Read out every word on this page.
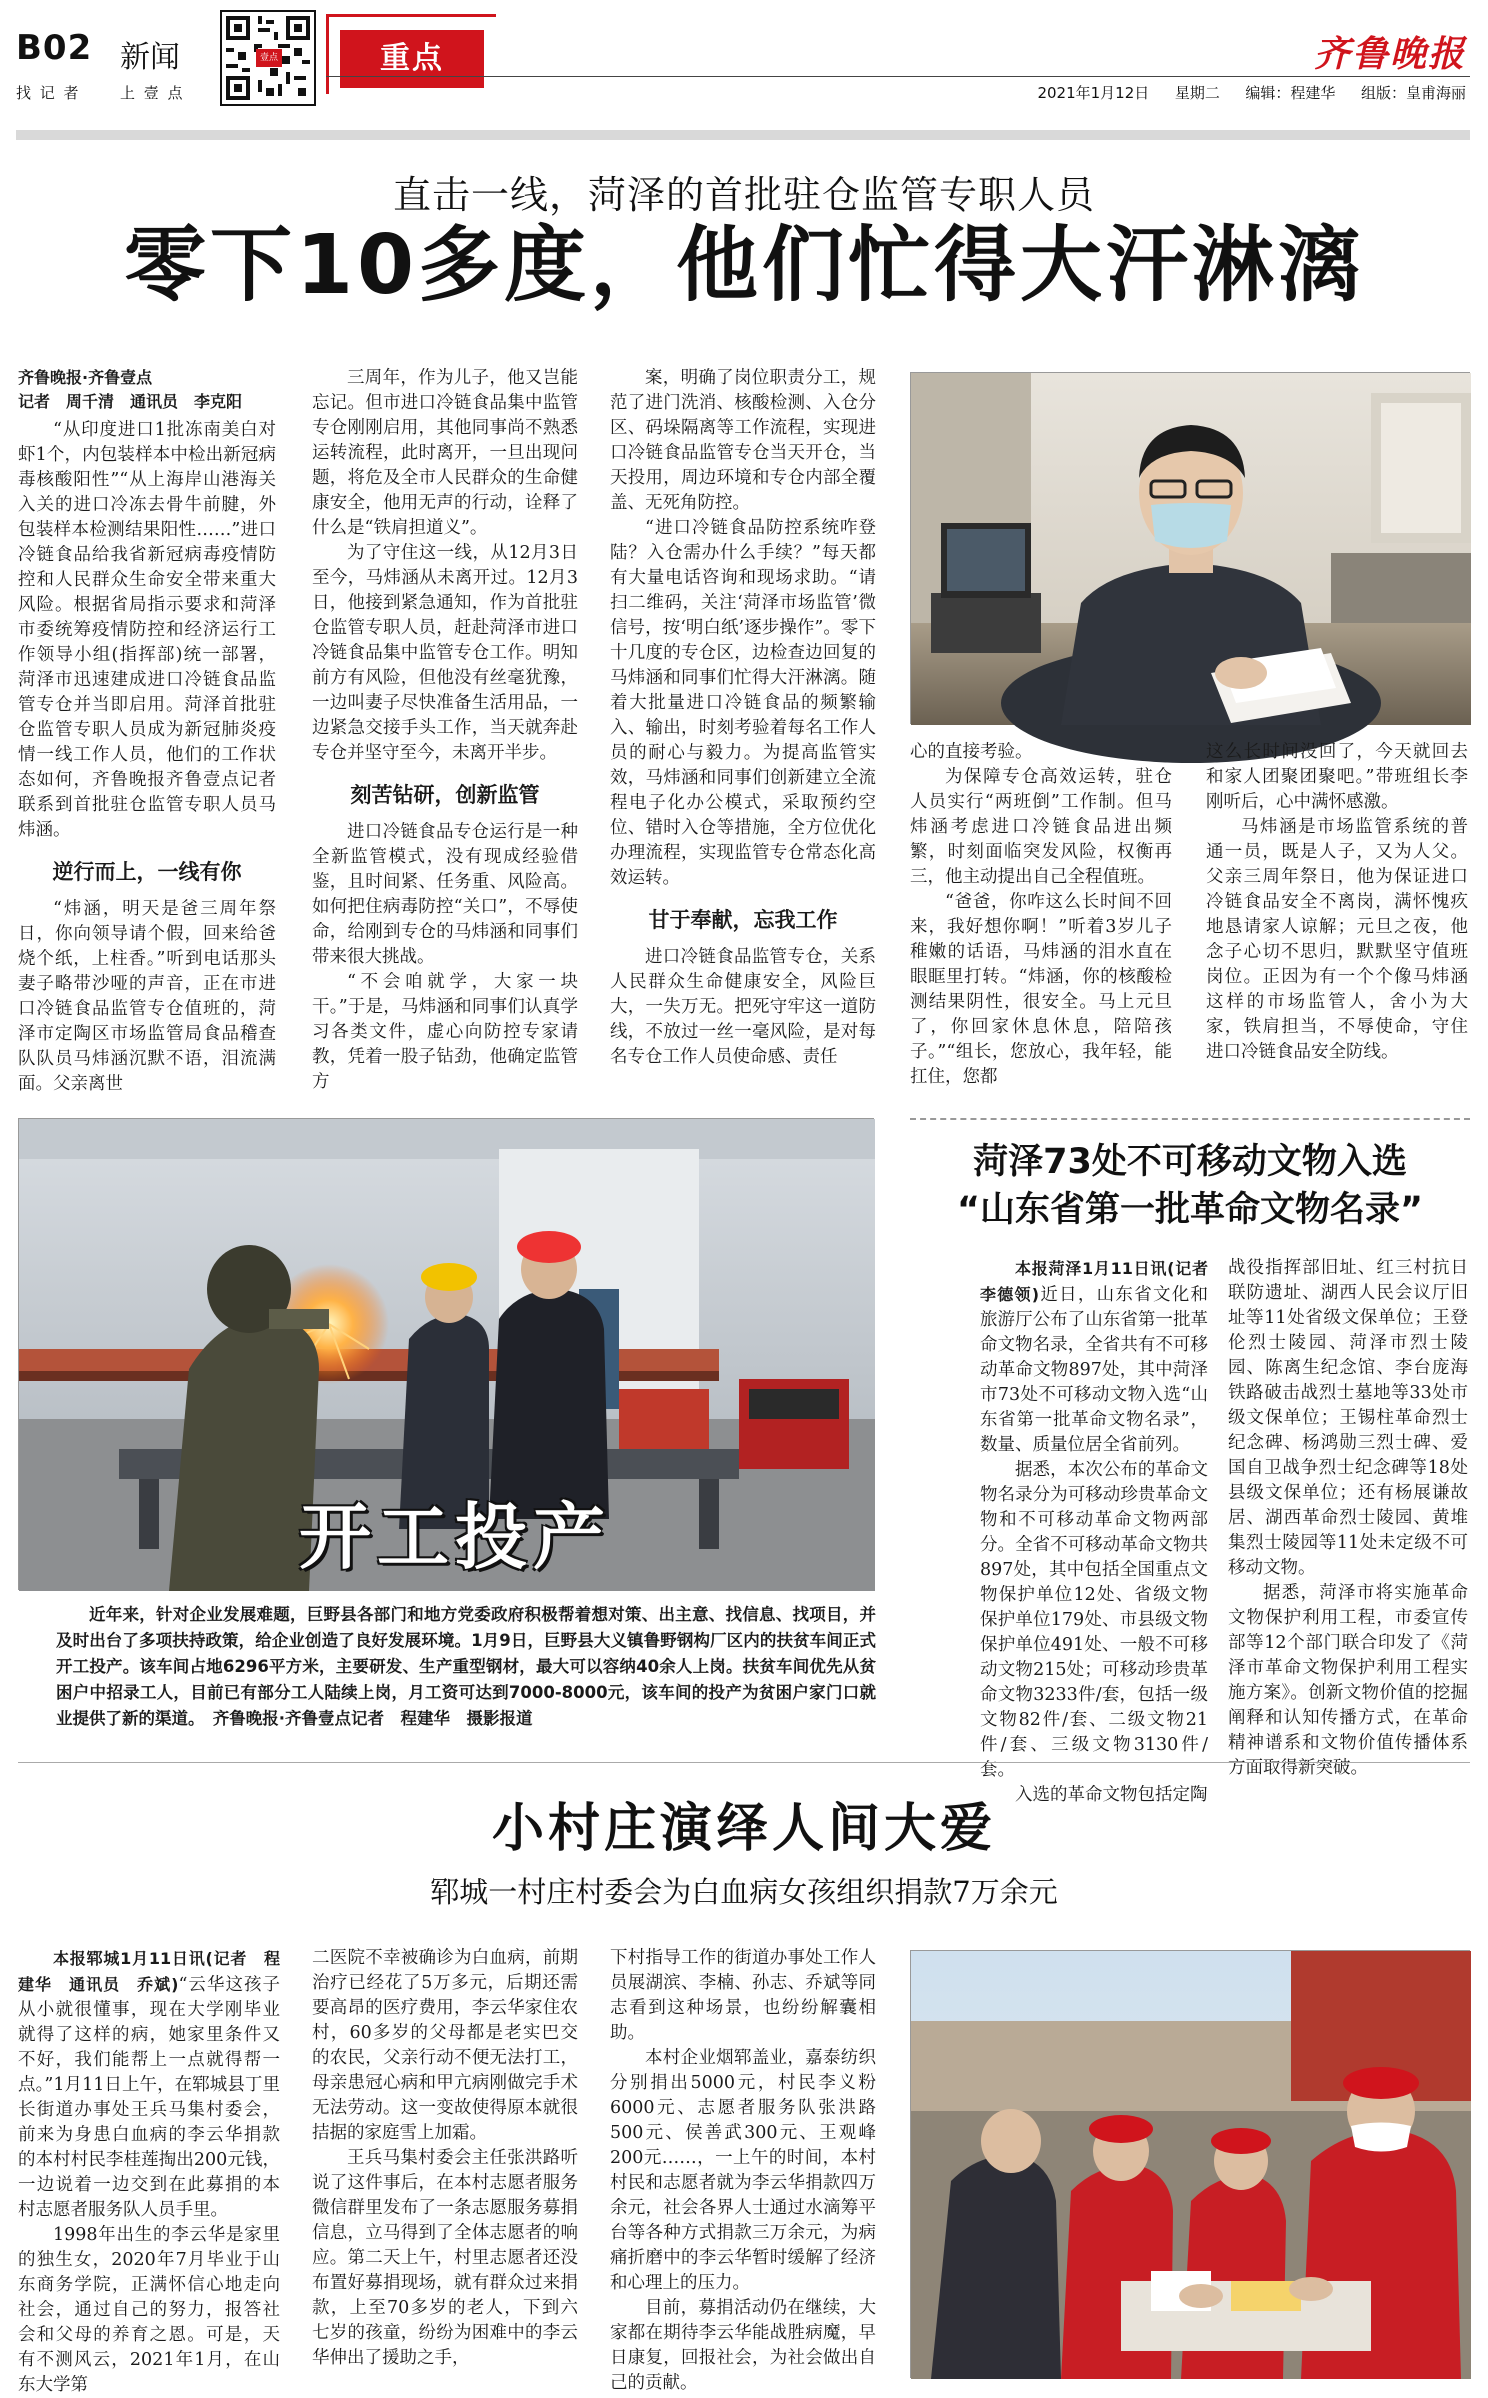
B02 新闻
找 记 者	上 壹 点
壹点	重点	齐鲁晚报
2021年1月12日 星期二 编辑：程建华 组版：皇甫海丽
直击一线，菏泽的首批驻仓监管专职人员
零下10多度，他们忙得大汗淋漓

齐鲁晚报·齐鲁壹点

记者　周千清　通讯员　李克阳

“从印度进口1批冻南美白对虾1个，内包装样本中检出新冠病毒核酸阳性”“从上海岸山港海关入关的进口冷冻去骨牛前腱，外包装样本检测结果阳性……”进口冷链食品给我省新冠病毒疫情防控和人民群众生命安全带来重大风险。根据省局指示要求和菏泽市委统筹疫情防控和经济运行工作领导小组(指挥部)统一部署，菏泽市迅速建成进口冷链食品监管专仓并当即启用。菏泽首批驻仓监管专职人员成为新冠肺炎疫情一线工作人员，他们的工作状态如何，齐鲁晚报齐鲁壹点记者联系到首批驻仓监管专职人员马炜涵。

逆行而上，一线有你

“炜涵，明天是爸三周年祭日，你向领导请个假，回来给爸烧个纸，上柱香。”听到电话那头妻子略带沙哑的声音，正在市进口冷链食品监管专仓值班的，菏泽市定陶区市场监管局食品稽查队队员马炜涵沉默不语，泪流满面。父亲离世

三周年，作为儿子，他又岂能忘记。但市进口冷链食品集中监管专仓刚刚启用，其他同事尚不熟悉运转流程，此时离开，一旦出现问题，将危及全市人民群众的生命健康安全，他用无声的行动，诠释了什么是“铁肩担道义”。

为了守住这一线，从12月3日至今，马炜涵从未离开过。12月3日，他接到紧急通知，作为首批驻仓监管专职人员，赶赴菏泽市进口冷链食品集中监管专仓工作。明知前方有风险，但他没有丝毫犹豫，一边叫妻子尽快准备生活用品，一边紧急交接手头工作，当天就奔赴专仓并坚守至今，未离开半步。

刻苦钻研，创新监管

进口冷链食品专仓运行是一种全新监管模式，没有现成经验借鉴，且时间紧、任务重、风险高。如何把住病毒防控“关口”，不辱使命，给刚到专仓的马炜涵和同事们带来很大挑战。

“不会咱就学，大家一块干。”于是，马炜涵和同事们认真学习各类文件，虚心向防控专家请教，凭着一股子钻劲，他确定监管方

案，明确了岗位职责分工，规范了进门洗消、核酸检测、入仓分区、码垛隔离等工作流程，实现进口冷链食品监管专仓当天开仓，当天投用，周边环境和专仓内部全覆盖、无死角防控。

“进口冷链食品防控系统咋登陆？入仓需办什么手续？”每天都有大量电话咨询和现场求助。“请扫二维码，关注‘菏泽市场监管’微信号，按‘明白纸’逐步操作”。零下十几度的专仓区，边检查边回复的马炜涵和同事们忙得大汗淋漓。随着大批量进口冷链食品的频繁输入、输出，时刻考验着每名工作人员的耐心与毅力。为提高监管实效，马炜涵和同事们创新建立全流程电子化办公模式，采取预约空位、错时入仓等措施，全方位优化办理流程，实现监管专仓常态化高效运转。

甘于奉献，忘我工作

进口冷链食品监管专仓，关系人民群众生命健康安全，风险巨大，一失万无。把死守牢这一道防线，不放过一丝一毫风险，是对每名专仓工作人员使命感、责任

心的直接考验。

为保障专仓高效运转，驻仓人员实行“两班倒”工作制。但马炜涵考虑进口冷链食品进出频繁，时刻面临突发风险，权衡再三，他主动提出自己全程值班。

“爸爸，你咋这么长时间不回来，我好想你啊！”听着3岁儿子稚嫩的话语，马炜涵的泪水直在眼眶里打转。“炜涵，你的核酸检测结果阴性，很安全。马上元旦了，你回家休息休息，陪陪孩子。”“组长，您放心，我年轻，能扛住，您都

这么长时间没回了，今天就回去和家人团聚团聚吧。”带班组长李刚听后，心中满怀感激。

马炜涵是市场监管系统的普通一员，既是人子，又为人父。父亲三周年祭日，他为保证进口冷链食品安全不离岗，满怀愧疚地恳请家人谅解；元旦之夜，他念子心切不思归，默默坚守值班岗位。正因为有一个个像马炜涵这样的市场监管人，舍小为大家，铁肩担当，不辱使命，守住进口冷链食品安全防线。

开工投产
近年来，针对企业发展难题，巨野县各部门和地方党委政府积极帮着想对策、出主意、找信息、找项目，并及时出台了多项扶持政策，给企业创造了良好发展环境。1月9日，巨野县大义镇鲁野钢构厂区内的扶贫车间正式开工投产。该车间占地6296平方米，主要研发、生产重型钢材，最大可以容纳40余人上岗。扶贫车间优先从贫困户中招录工人，目前已有部分工人陆续上岗，月工资可达到7000-8000元，该车间的投产为贫困户家门口就业提供了新的渠道。　齐鲁晚报·齐鲁壹点记者　程建华　摄影报道
菏泽73处不可移动文物入选
“山东省第一批革命文物名录”

本报菏泽1月11日讯(记者　李德领)近日，山东省文化和旅游厅公布了山东省第一批革命文物名录，全省共有不可移动革命文物897处，其中菏泽市73处不可移动文物入选“山东省第一批革命文物名录”，数量、质量位居全省前列。

据悉，本次公布的革命文物名录分为可移动珍贵革命文物和不可移动革命文物两部分。全省不可移动革命文物共897处，其中包括全国重点文物保护单位12处、省级文物保护单位179处、市县级文物保护单位491处、一般不可移动文物215处；可移动珍贵革命文物3233件/套，包括一级文物82件/套、二级文物21件/套、三级文物3130件/套。

入选的革命文物包括定陶

战役指挥部旧址、红三村抗日联防遗址、湖西人民会议厅旧址等11处省级文保单位；王登伦烈士陵园、菏泽市烈士陵园、陈离生纪念馆、李台庞海铁路破击战烈士墓地等33处市级文保单位；王锡柱革命烈士纪念碑、杨鸿勋三烈士碑、爱国自卫战争烈士纪念碑等18处县级文保单位；还有杨展谦故居、湖西革命烈士陵园、黄堆集烈士陵园等11处未定级不可移动文物。

据悉，菏泽市将实施革命文物保护利用工程，市委宣传部等12个部门联合印发了《菏泽市革命文物保护利用工程实施方案》。创新文物价值的挖掘阐释和认知传播方式，在革命精神谱系和文物价值传播体系方面取得新突破。

小村庄演绎人间大爱
郓城一村庄村委会为白血病女孩组织捐款7万余元

本报郓城1月11日讯(记者　程建华　通讯员　乔斌)“云华这孩子从小就很懂事，现在大学刚毕业就得了这样的病，她家里条件又不好，我们能帮上一点就得帮一点。”1月11日上午，在郓城县丁里长街道办事处王兵马集村委会，前来为身患白血病的李云华捐款的本村村民李桂莲掏出200元钱，一边说着一边交到在此募捐的本村志愿者服务队人员手里。

1998年出生的李云华是家里的独生女，2020年7月毕业于山东商务学院，正满怀信心地走向社会，通过自己的努力，报答社会和父母的养育之恩。可是，天有不测风云，2021年1月，在山东大学第

二医院不幸被确诊为白血病，前期治疗已经花了5万多元，后期还需要高昂的医疗费用，李云华家住农村，60多岁的父母都是老实巴交的农民，父亲行动不便无法打工，母亲患冠心病和甲亢病刚做完手术无法劳动。这一变故使得原本就很拮据的家庭雪上加霜。

王兵马集村委会主任张洪路听说了这件事后，在本村志愿者服务微信群里发布了一条志愿服务募捐信息，立马得到了全体志愿者的响应。第二天上午，村里志愿者还没布置好募捐现场，就有群众过来捐款，上至70多岁的老人，下到六七岁的孩童，纷纷为困难中的李云华伸出了援助之手，

下村指导工作的街道办事处工作人员展湖滨、李楠、孙志、乔斌等同志看到这种场景，也纷纷解囊相助。

本村企业烟郓盖业，嘉泰纺织分别捐出5000元，村民李义粉6000元、志愿者服务队张洪路500元、侯善武300元、王观峰200元……，一上午的时间，本村村民和志愿者就为李云华捐款四万余元，社会各界人士通过水滴筹平台等各种方式捐款三万余元，为病痛折磨中的李云华暂时缓解了经济和心理上的压力。

目前，募捐活动仍在继续，大家都在期待李云华能战胜病魔，早日康复，回报社会，为社会做出自己的贡献。
